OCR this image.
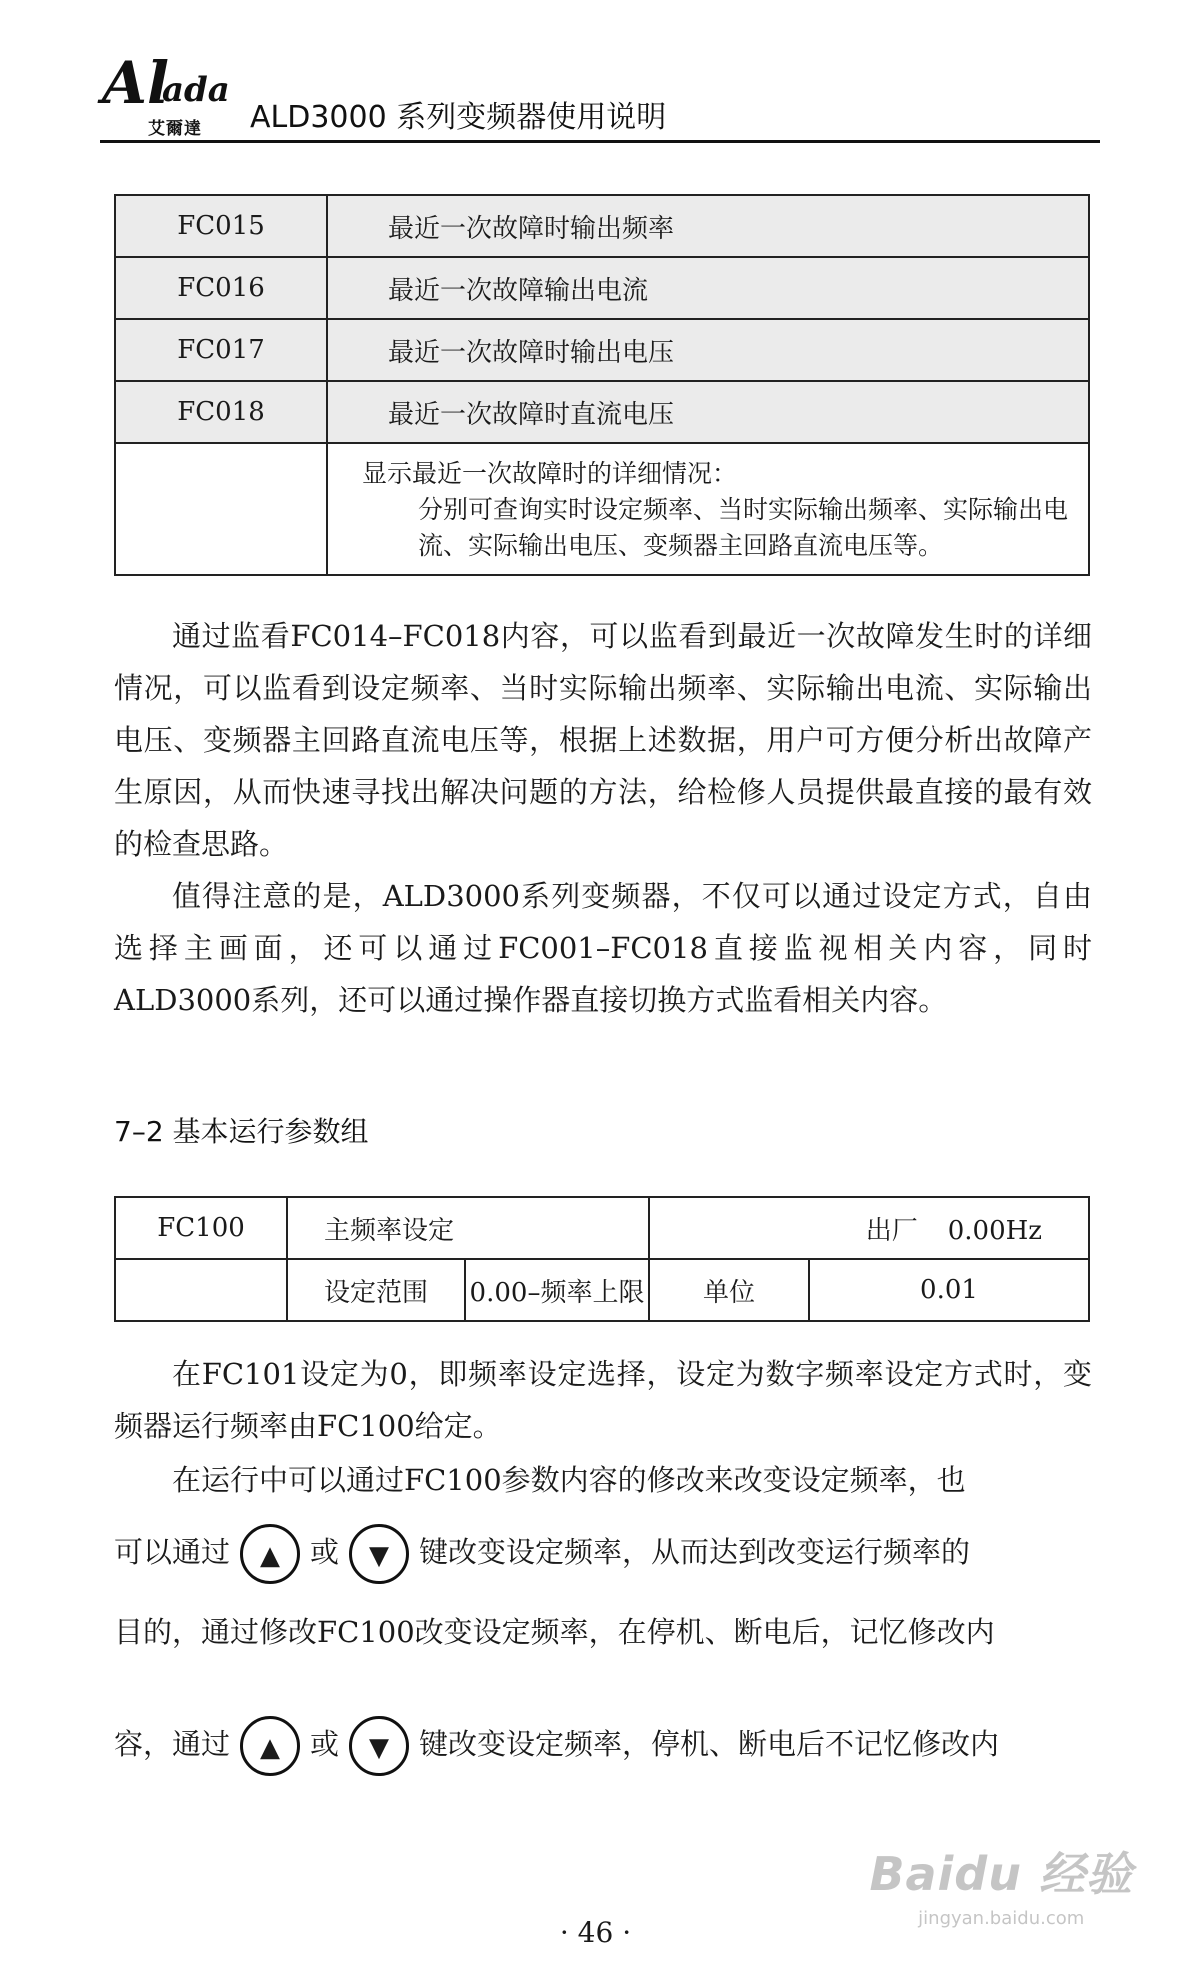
Al
ada
艾爾達 ALD3000 系列变频器使用说明
FC015	最近一次故障时输出频率
FC016	最近一次故障输出电流
FC017	最近一次故障时输出电压
FC018	最近一次故障时直流电压

	显示最近一次故障时的详细情况：
分别可查询实时设定频率、当时实际输出频率、实际输出电流、实际输出电压、变频器主回路直流电压等。
通过监看FC014–FC018内容，可以监看到最近一次故障发生时的详细情况，可以监看到设定频率、当时实际输出频率、实际输出电流、实际输出电压、变频器主回路直流电压等，根据上述数据，用户可方便分析出故障产生原因，从而快速寻找出解决问题的方法，给检修人员提供最直接的最有效的检查思路。
值得注意的是，ALD3000系列变频器，不仅可以通过设定方式，自由选择主画面，还可以通过FC001–FC018直接监视相关内容，同时ALD3000系列，还可以通过操作器直接切换方式监看相关内容。
7–2 基本运行参数组
FC100	主频率设定		出厂 0.00Hz	
	设定范围	0.00–频率上限	单位	0.01
在FC101设定为0，即频率设定选择，设定为数字频率设定方式时，变频器运行频率由FC100给定。
在运行中可以通过FC100参数内容的修改来改变设定频率，也
可以通过 ▲ 或 ▼ 键改变设定频率，从而达到改变运行频率的
目的，通过修改FC100改变设定频率，在停机、断电后，记忆修改内
容，通过 ▲ 或 ▼ 键改变设定频率，停机、断电后不记忆修改内
Baidu 经验
jingyan.baidu.com
· 46 ·
